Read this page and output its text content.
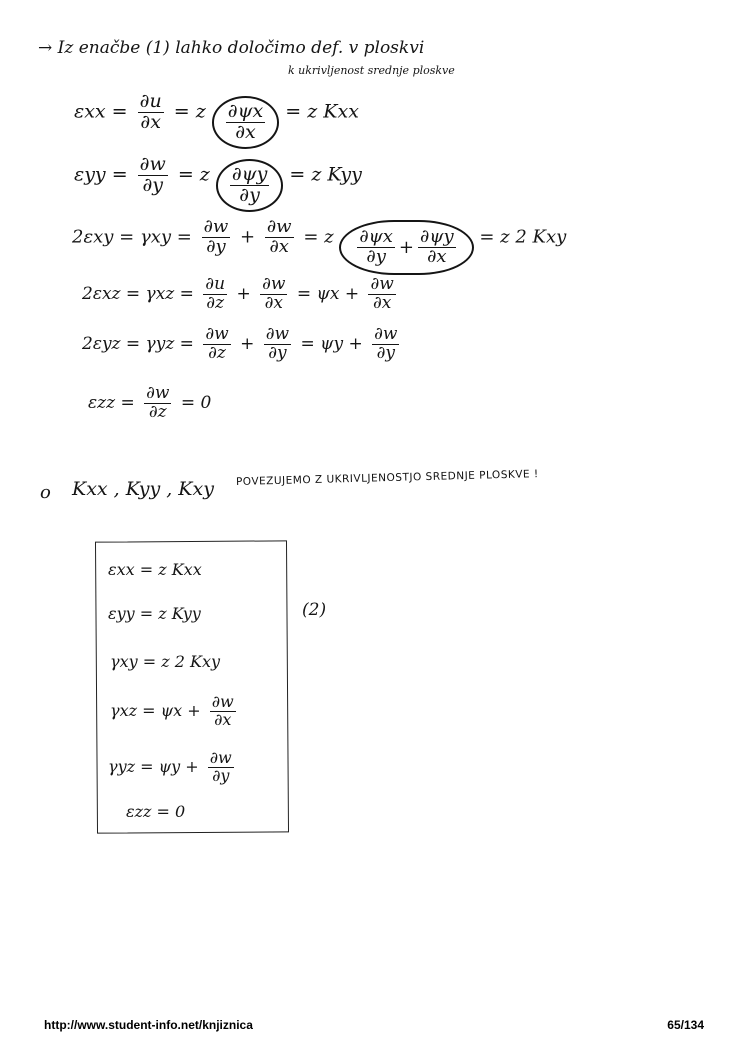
→ Iz enačbe (1) lahko določimo def. v ploskvi
k ukrivljenost srednje ploskve
$\varepsilon xx = \frac{\partial u}{\partial x} = z \frac{\partial\psi x}{\partial x} = z$ Kxx
$\varepsilon yy = \frac{\partial w}{\partial y} = z \frac{\partial\psi y}{\partial y} = z$ Kyy
$2\varepsilon xy = \gamma xy = \frac{\partial w}{\partial y} + \frac{\partial w}{\partial x} = z \frac{\partial\psi x}{\partial y} + \frac{\partial\psi y}{\partial x} = z$ 2 Kxy
$2\varepsilon xz = \gamma xz = \frac{\partial u}{\partial z} + \frac{\partial w}{\partial x} = \psi x + \frac{\partial w}{\partial x}$
$2\varepsilon yz = \gamma yz = \frac{\partial w}{\partial z} + \frac{\partial w}{\partial y} = \psi y + \frac{\partial w}{\partial y}$
$\varepsilon zz = \frac{\partial w}{\partial z} = 0$
o Kxx , Kyy , Kxy POVEZUJEMO Z UKRIVLJENOSTJO SREDNJE PLOSKVE !
εxx = z Kxx
εyy = z Kyy
γxy = z 2 Kxy
$\gamma xz = \psi x + \frac{\partial w}{\partial x}$
$\gamma yz = \psi y + \frac{\partial w}{\partial y}$
εzz = 0
(2)
http://www.student-info.net/knjiznica	65/134
